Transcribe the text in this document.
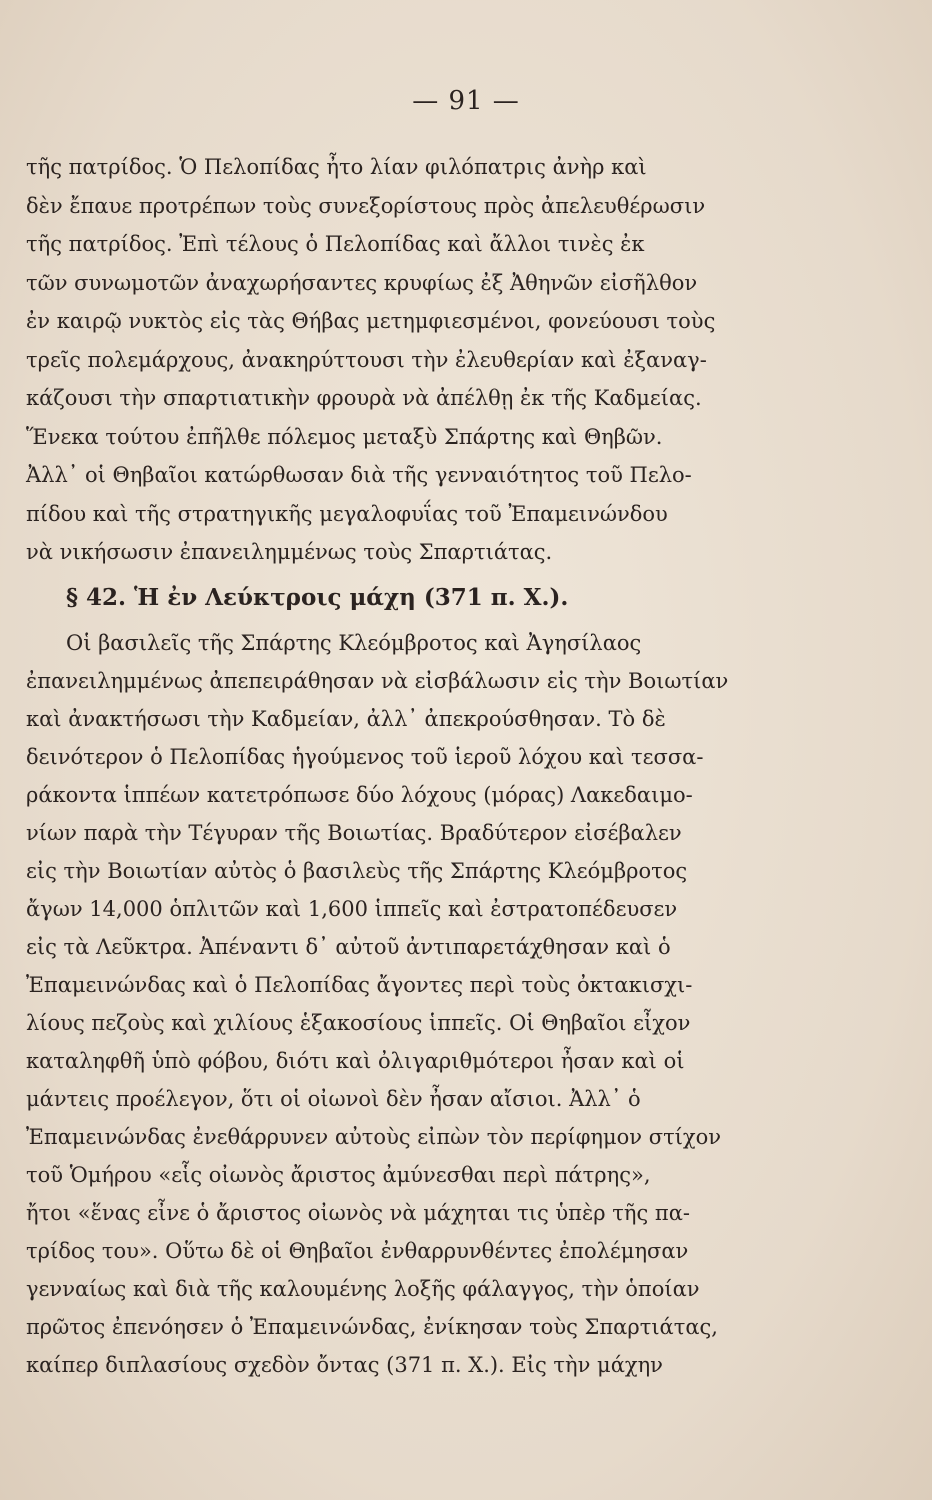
— 91 —
τῆς πατρίδος. Ὁ Πελοπίδας ἦτο λίαν φιλόπατρις ἀνὴρ καὶ
δὲν ἔπαυε προτρέπων τοὺς συνεξορίστους πρὸς ἀπελευθέρωσιν
τῆς πατρίδος. Ἐπὶ τέλους ὁ Πελοπίδας καὶ ἄλλοι τινὲς ἐκ
τῶν συνωμοτῶν ἀναχωρήσαντες κρυφίως ἐξ Ἀθηνῶν εἰσῆλθον
ἐν καιρῷ νυκτὸς εἰς τὰς Θήβας μετημφιεσμένοι, φονεύουσι τοὺς
τρεῖς πολεμάρχους, ἀνακηρύττουσι τὴν ἐλευθερίαν καὶ ἐξαναγ-
κάζουσι τὴν σπαρτιατικὴν φρουρὰ νὰ ἀπέλθῃ ἐκ τῆς Καδμείας.
Ἕνεκα τούτου ἐπῆλθε πόλεμος μεταξὺ Σπάρτης καὶ Θηβῶν.
Ἀλλ᾿ οἱ Θηβαῖοι κατώρθωσαν διὰ τῆς γενναιότητος τοῦ Πελο-
πίδου καὶ τῆς στρατηγικῆς μεγαλοφυΐας τοῦ Ἐπαμεινώνδου
νὰ νικήσωσιν ἐπανειλημμένως τοὺς Σπαρτιάτας.
§ 42. Ἡ ἐν Λεύκτροις μάχη (371 π. Χ.).
Οἱ βασιλεῖς τῆς Σπάρτης Κλεόμβροτος καὶ Ἀγησίλαος
ἐπανειλημμένως ἀπεπειράθησαν νὰ εἰσβάλωσιν εἰς τὴν Βοιωτίαν
καὶ ἀνακτήσωσι τὴν Καδμείαν, ἀλλ᾿ ἀπεκρούσθησαν. Τὸ δὲ
δεινότερον ὁ Πελοπίδας ἡγούμενος τοῦ ἱεροῦ λόχου καὶ τεσσα-
ράκοντα ἱππέων κατετρόπωσε δύο λόχους (μόρας) Λακεδαιμο-
νίων παρὰ τὴν Τέγυραν τῆς Βοιωτίας. Βραδύτερον εἰσέβαλεν
εἰς τὴν Βοιωτίαν αὐτὸς ὁ βασιλεὺς τῆς Σπάρτης Κλεόμβροτος
ἄγων 14,000 ὁπλιτῶν καὶ 1,600 ἱππεῖς καὶ ἐστρατοπέδευσεν
εἰς τὰ Λεῦκτρα. Ἀπέναντι δ᾿ αὐτοῦ ἀντιπαρετάχθησαν καὶ ὁ
Ἐπαμεινώνδας καὶ ὁ Πελοπίδας ἄγοντες περὶ τοὺς ὀκτακισχι-
λίους πεζοὺς καὶ χιλίους ἑξακοσίους ἱππεῖς. Οἱ Θηβαῖοι εἶχον
καταληφθῆ ὑπὸ φόβου, διότι καὶ ὀλιγαριθμότεροι ἦσαν καὶ οἱ
μάντεις προέλεγον, ὅτι οἱ οἰωνοὶ δὲν ἦσαν αἴσιοι. Ἀλλ᾿ ὁ
Ἐπαμεινώνδας ἐνεθάρρυνεν αὐτοὺς εἰπὼν τὸν περίφημον στίχον
τοῦ Ὁμήρου «εἷς οἰωνὸς ἄριστος ἀμύνεσθαι περὶ πάτρης»,
ἤτοι «ἕνας εἶνε ὁ ἄριστος οἰωνὸς νὰ μάχηται τις ὑπὲρ τῆς πα-
τρίδος του». Οὕτω δὲ οἱ Θηβαῖοι ἐνθαρρυνθέντες ἐπολέμησαν
γενναίως καὶ διὰ τῆς καλουμένης λοξῆς φάλαγγος, τὴν ὁποίαν
πρῶτος ἐπενόησεν ὁ Ἐπαμεινώνδας, ἐνίκησαν τοὺς Σπαρτιάτας,
καίπερ διπλασίους σχεδὸν ὄντας (371 π. Χ.). Εἰς τὴν μάχην
